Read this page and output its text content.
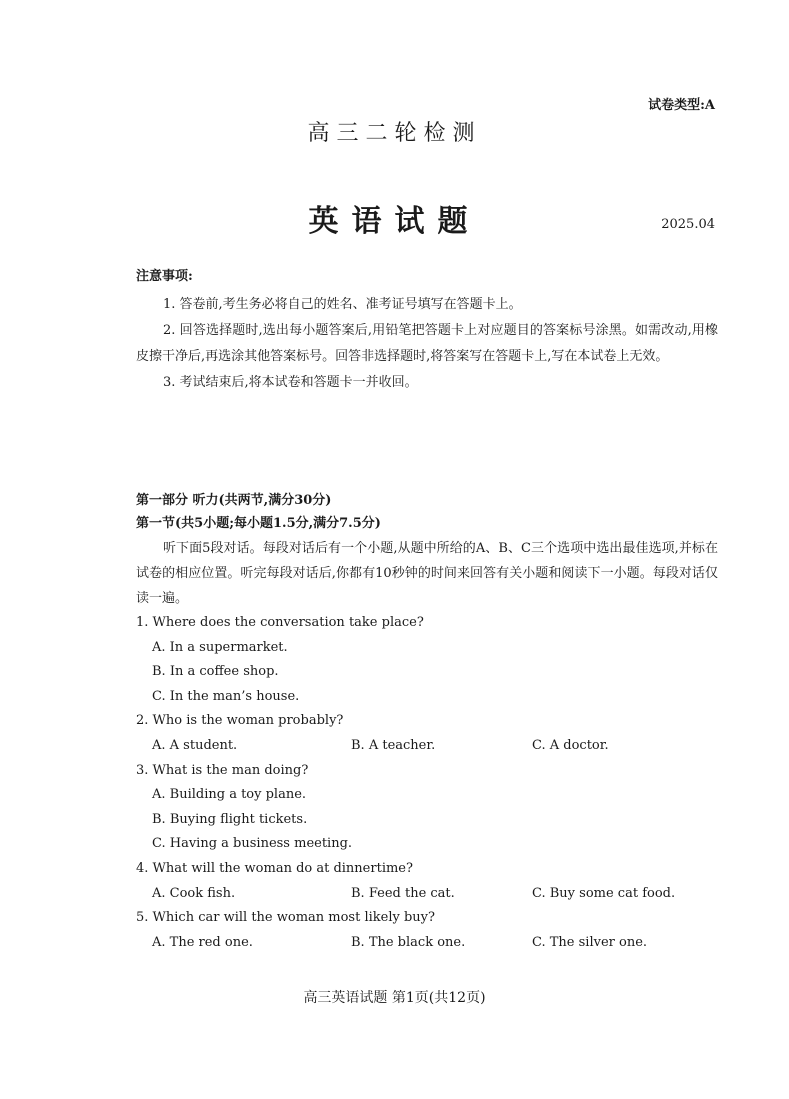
试卷类型:A
高三二轮检测
英语试题	2025.04
注意事项:

1. 答卷前,考生务必将自己的姓名、准考证号填写在答题卡上。

2. 回答选择题时,选出每小题答案后,用铅笔把答题卡上对应题目的答案标号涂黑。如需改动,用橡皮擦干净后,再选涂其他答案标号。回答非选择题时,将答案写在答题卡上,写在本试卷上无效。

3. 考试结束后,将本试卷和答题卡一并收回。

第一部分 听力(共两节,满分30分)
第一节(共5小题;每小题1.5分,满分7.5分)

听下面5段对话。每段对话后有一个小题,从题中所给的A、B、C三个选项中选出最佳选项,并标在试卷的相应位置。听完每段对话后,你都有10秒钟的时间来回答有关小题和阅读下一小题。每段对话仅读一遍。

1. Where does the conversation take place?
A. In a supermarket.
B. In a coffee shop.
C. In the man’s house.
2. Who is the woman probably?
A. A student.	B. A teacher.	C. A doctor.
3. What is the man doing?
A. Building a toy plane.
B. Buying flight tickets.
C. Having a business meeting.
4. What will the woman do at dinnertime?
A. Cook fish.	B. Feed the cat.	C. Buy some cat food.
5. Which car will the woman most likely buy?
A. The red one.	B. The black one.	C. The silver one.
高三英语试题 第1页(共12页)
